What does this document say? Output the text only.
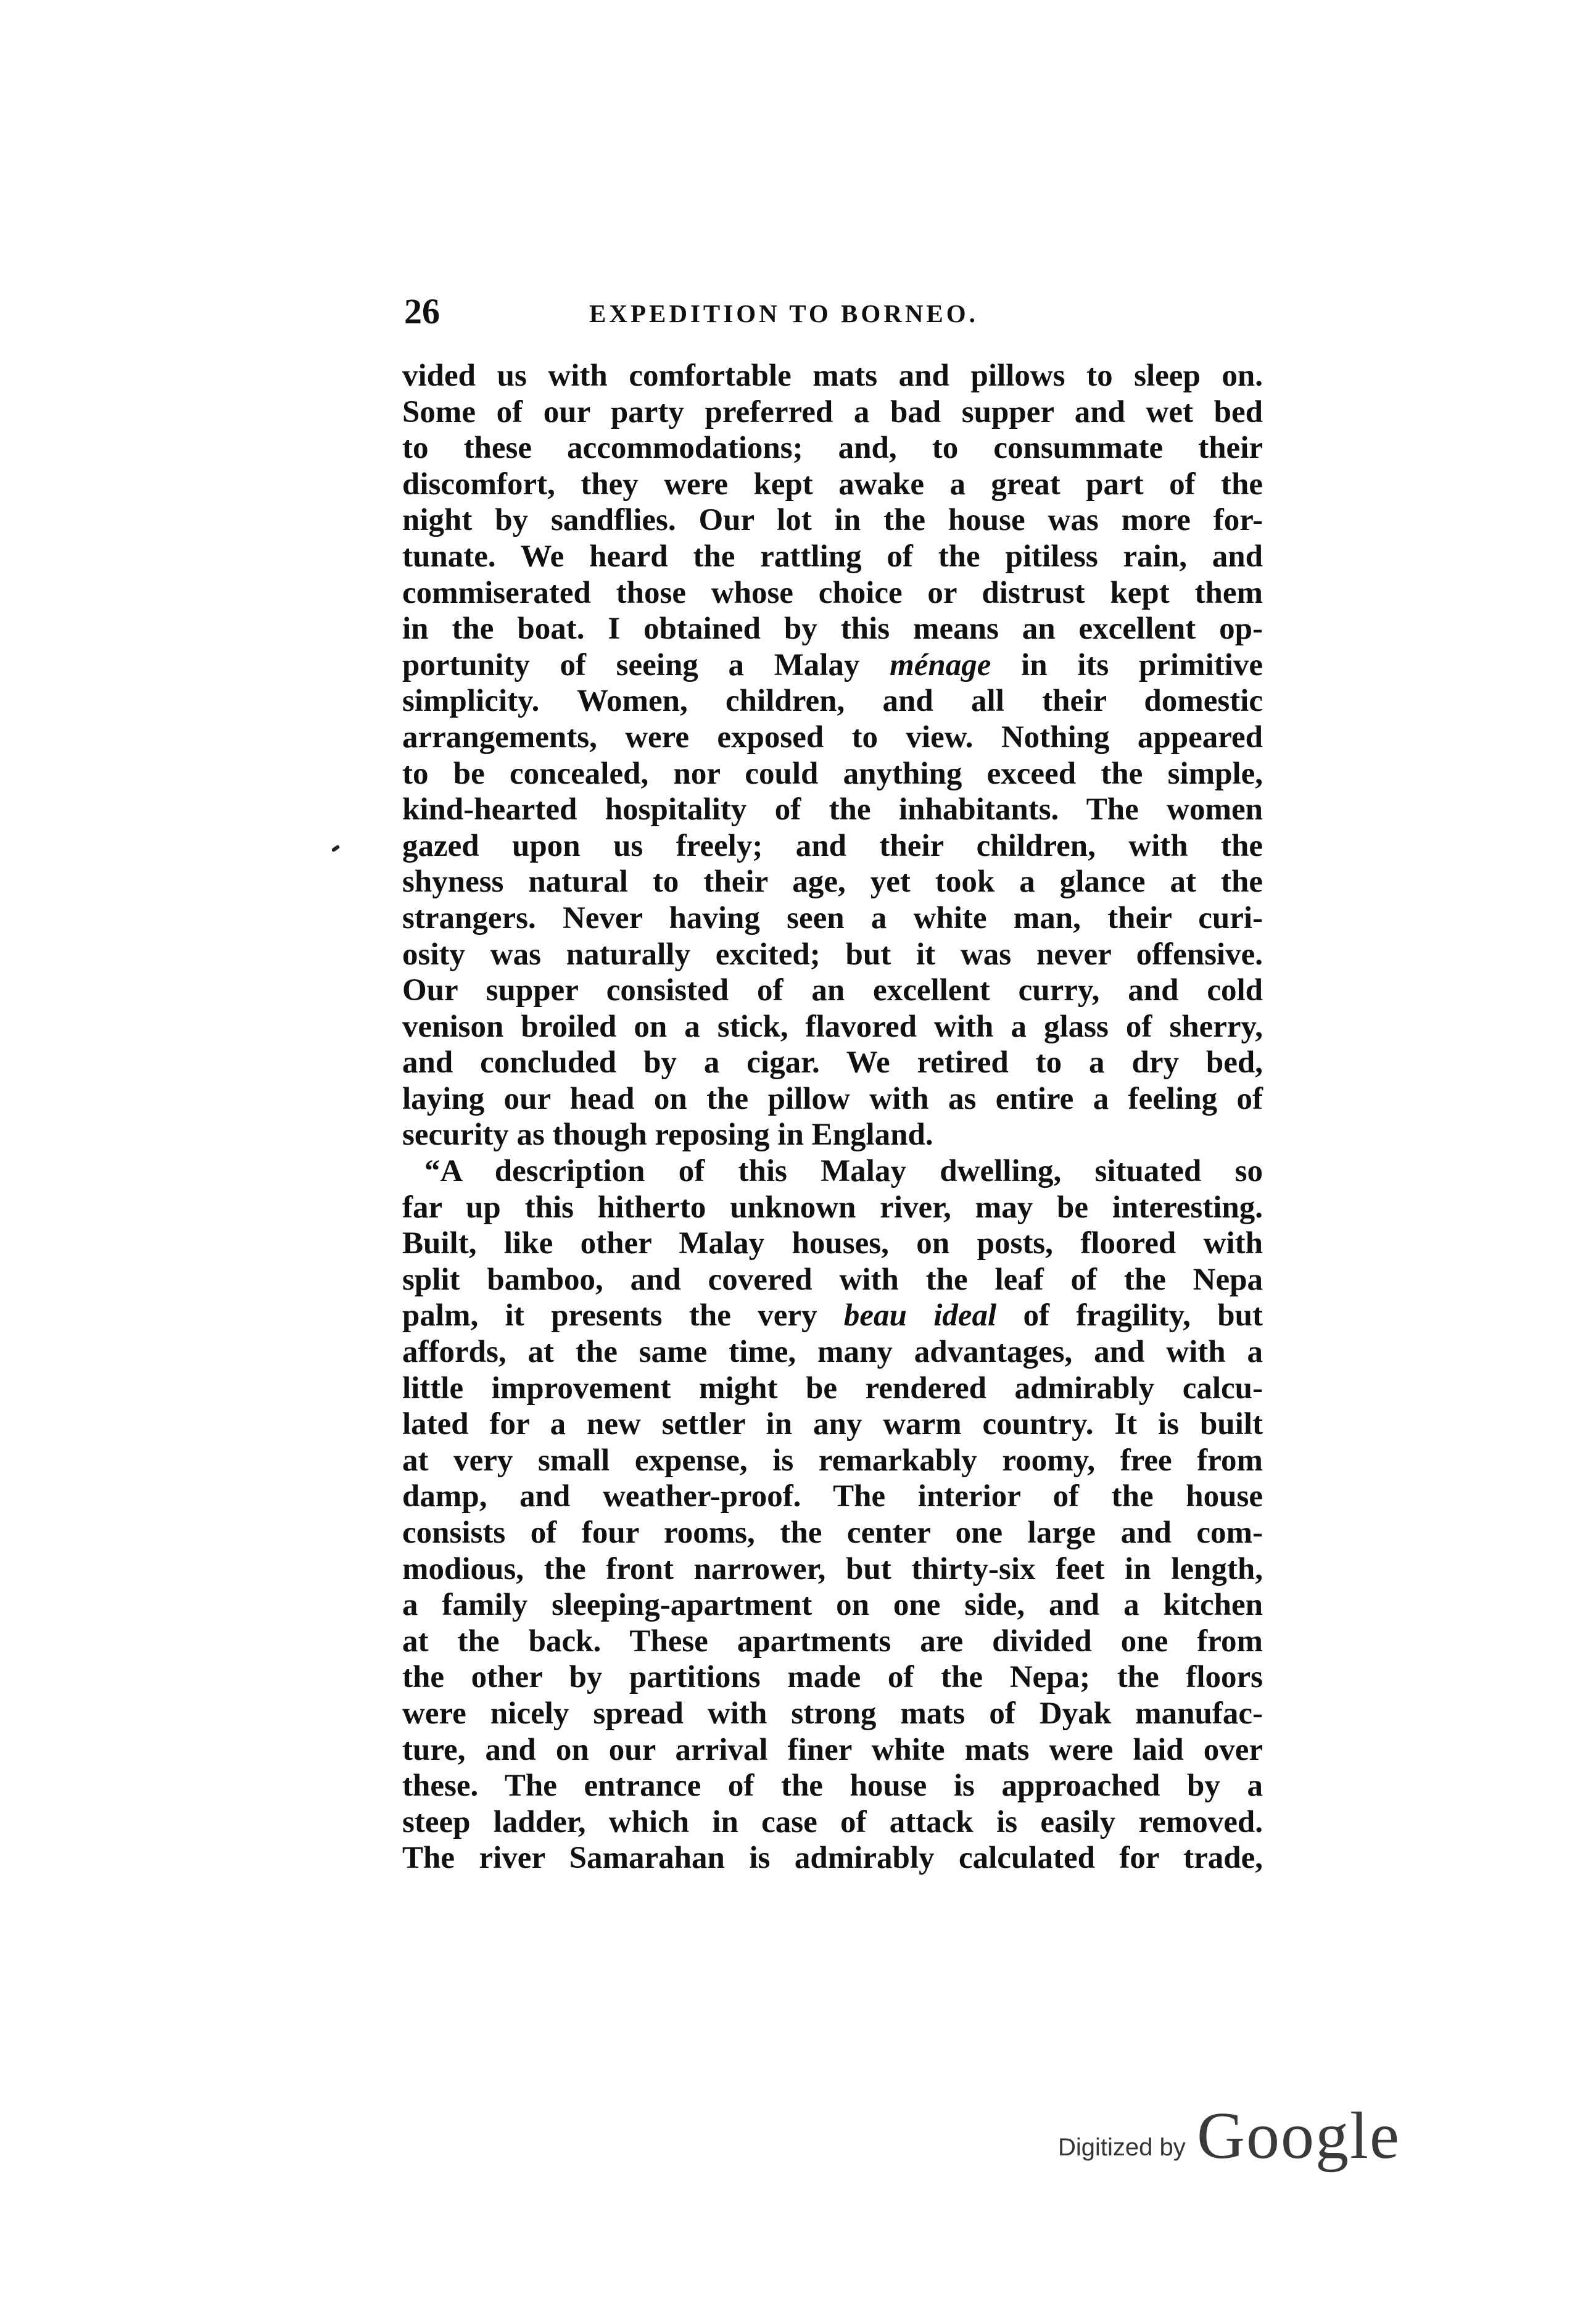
26	EXPEDITION TO BORNEO.
vided us with comfortable mats and pillows to sleep on.
Some of our party preferred a bad supper and wet bed
to these accommodations; and, to consummate their
discomfort, they were kept awake a great part of the
night by sandflies. Our lot in the house was more for-
tunate. We heard the rattling of the pitiless rain, and
commiserated those whose choice or distrust kept them
in the boat. I obtained by this means an excellent op-
portunity of seeing a Malay ménage in its primitive
simplicity. Women, children, and all their domestic
arrangements, were exposed to view. Nothing appeared
to be concealed, nor could anything exceed the simple,
kind-hearted hospitality of the inhabitants. The women
gazed upon us freely; and their children, with the
shyness natural to their age, yet took a glance at the
strangers. Never having seen a white man, their curi-
osity was naturally excited; but it was never offensive.
Our supper consisted of an excellent curry, and cold
venison broiled on a stick, flavored with a glass of sherry,
and concluded by a cigar. We retired to a dry bed,
laying our head on the pillow with as entire a feeling of
security as though reposing in England.
“A description of this Malay dwelling, situated so
far up this hitherto unknown river, may be interesting.
Built, like other Malay houses, on posts, floored with
split bamboo, and covered with the leaf of the Nepa
palm, it presents the very beau ideal of fragility, but
affords, at the same time, many advantages, and with a
little improvement might be rendered admirably calcu-
lated for a new settler in any warm country. It is built
at very small expense, is remarkably roomy, free from
damp, and weather-proof. The interior of the house
consists of four rooms, the center one large and com-
modious, the front narrower, but thirty-six feet in length,
a family sleeping-apartment on one side, and a kitchen
at the back. These apartments are divided one from
the other by partitions made of the Nepa; the floors
were nicely spread with strong mats of Dyak manufac-
ture, and on our arrival finer white mats were laid over
these. The entrance of the house is approached by a
steep ladder, which in case of attack is easily removed.
The river Samarahan is admirably calculated for trade,
Digitized by Google
